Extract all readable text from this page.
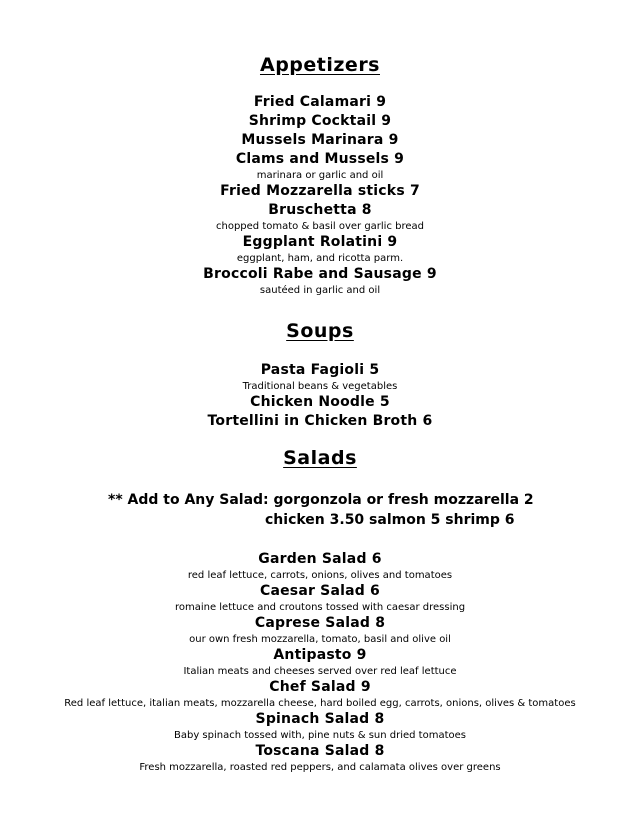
Appetizers
Fried Calamari 9
Shrimp Cocktail 9
Mussels Marinara 9
Clams and Mussels 9
marinara or garlic and oil
Fried Mozzarella sticks 7
Bruschetta 8
chopped tomato & basil over garlic bread
Eggplant Rolatini 9
eggplant, ham, and ricotta parm.
Broccoli Rabe and Sausage 9
sautéed in garlic and oil
Soups
Pasta Fagioli 5
Traditional beans & vegetables
Chicken Noodle 5
Tortellini in Chicken Broth 6
Salads
** Add to Any Salad: gorgonzola or fresh mozzarella 2
chicken 3.50 salmon 5 shrimp 6
Garden Salad 6
red leaf lettuce, carrots, onions, olives and tomatoes
Caesar Salad 6
romaine lettuce and croutons tossed with caesar dressing
Caprese Salad 8
our own fresh mozzarella, tomato, basil and olive oil
Antipasto 9
Italian meats and cheeses served over red leaf lettuce
Chef Salad 9
Red leaf lettuce, italian meats, mozzarella cheese, hard boiled egg, carrots, onions, olives & tomatoes
Spinach Salad 8
Baby spinach tossed with, pine nuts & sun dried tomatoes
Toscana Salad 8
Fresh mozzarella, roasted red peppers, and calamata olives over greens
